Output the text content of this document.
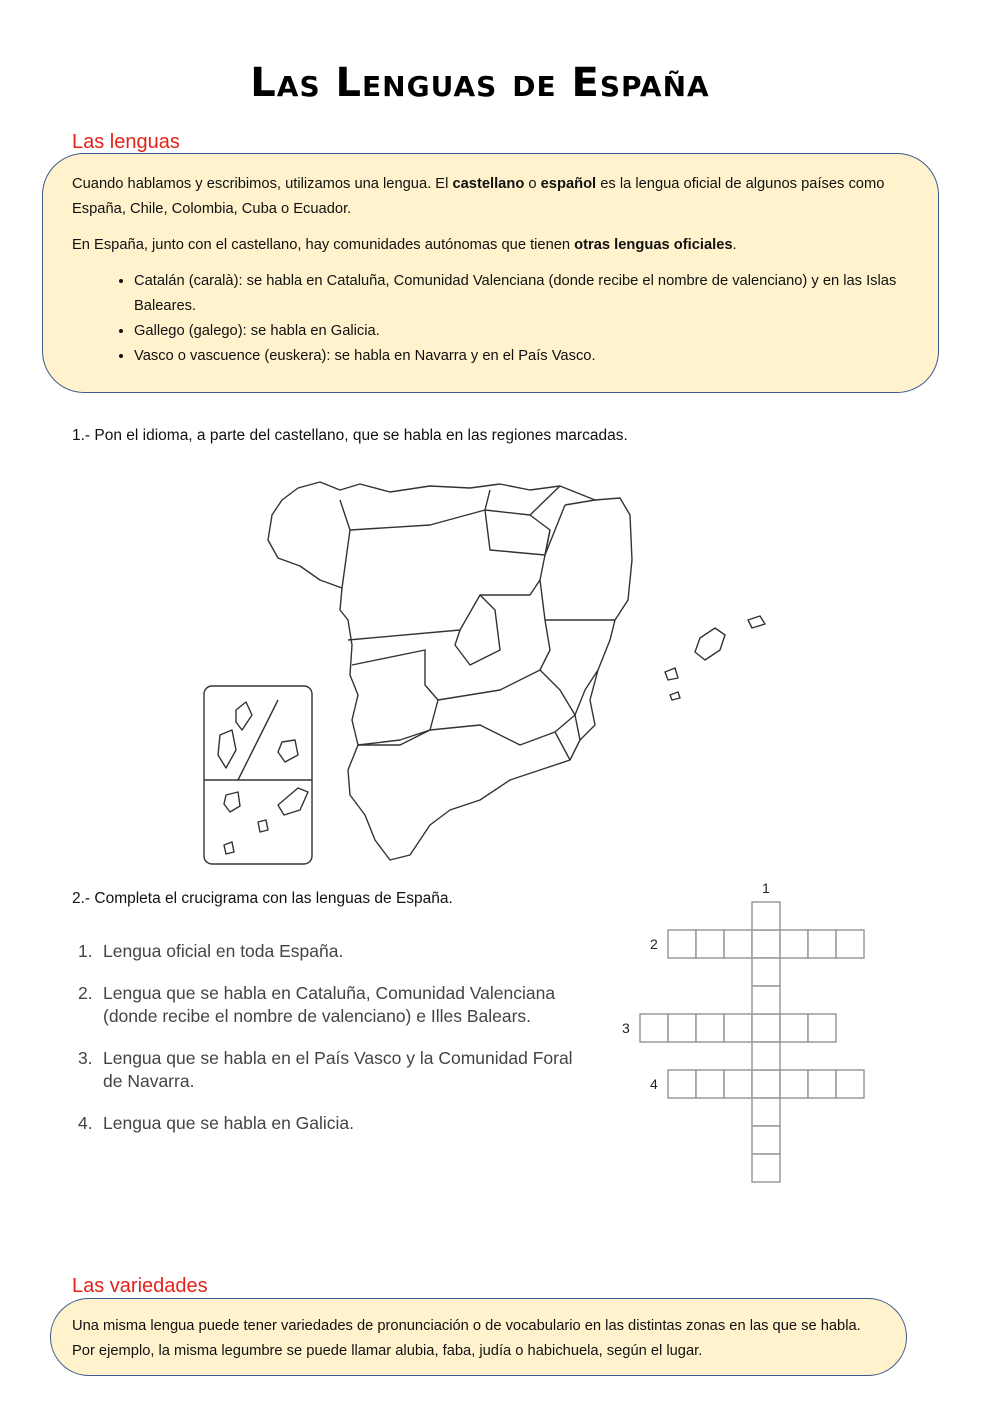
Las Lenguas de España
Las lenguas

Cuando hablamos y escribimos, utilizamos una lengua. El castellano o español es la lengua oficial de algunos países como España, Chile, Colombia, Cuba o Ecuador.

En España, junto con el castellano, hay comunidades autónomas que tienen otras lenguas oficiales.

• Catalán (caralà): se habla en Cataluña, Comunidad Valenciana (donde recibe el nombre de valenciano) y en las Islas Baleares.
• Gallego (galego): se habla en Galicia.
• Vasco o vascuence (euskera): se habla en Navarra y en el País Vasco.
1.- Pon el idioma, a parte del castellano, que se habla en las regiones marcadas.
2.- Completa el crucigrama con las lenguas de España.
1. Lengua oficial en toda España.
2. Lengua que se habla en Cataluña, Comunidad Valenciana (donde recibe el nombre de valenciano) e Illes Balears.
3. Lengua que se habla en el País Vasco y la Comunidad Foral de Navarra.
4. Lengua que se habla en Galicia.
1
2
3
4
Las variedades
Una misma lengua puede tener variedades de pronunciación o de vocabulario en las distintas zonas en las que se habla. Por ejemplo, la misma legumbre se puede llamar alubia, faba, judía o habichuela, según el lugar.
